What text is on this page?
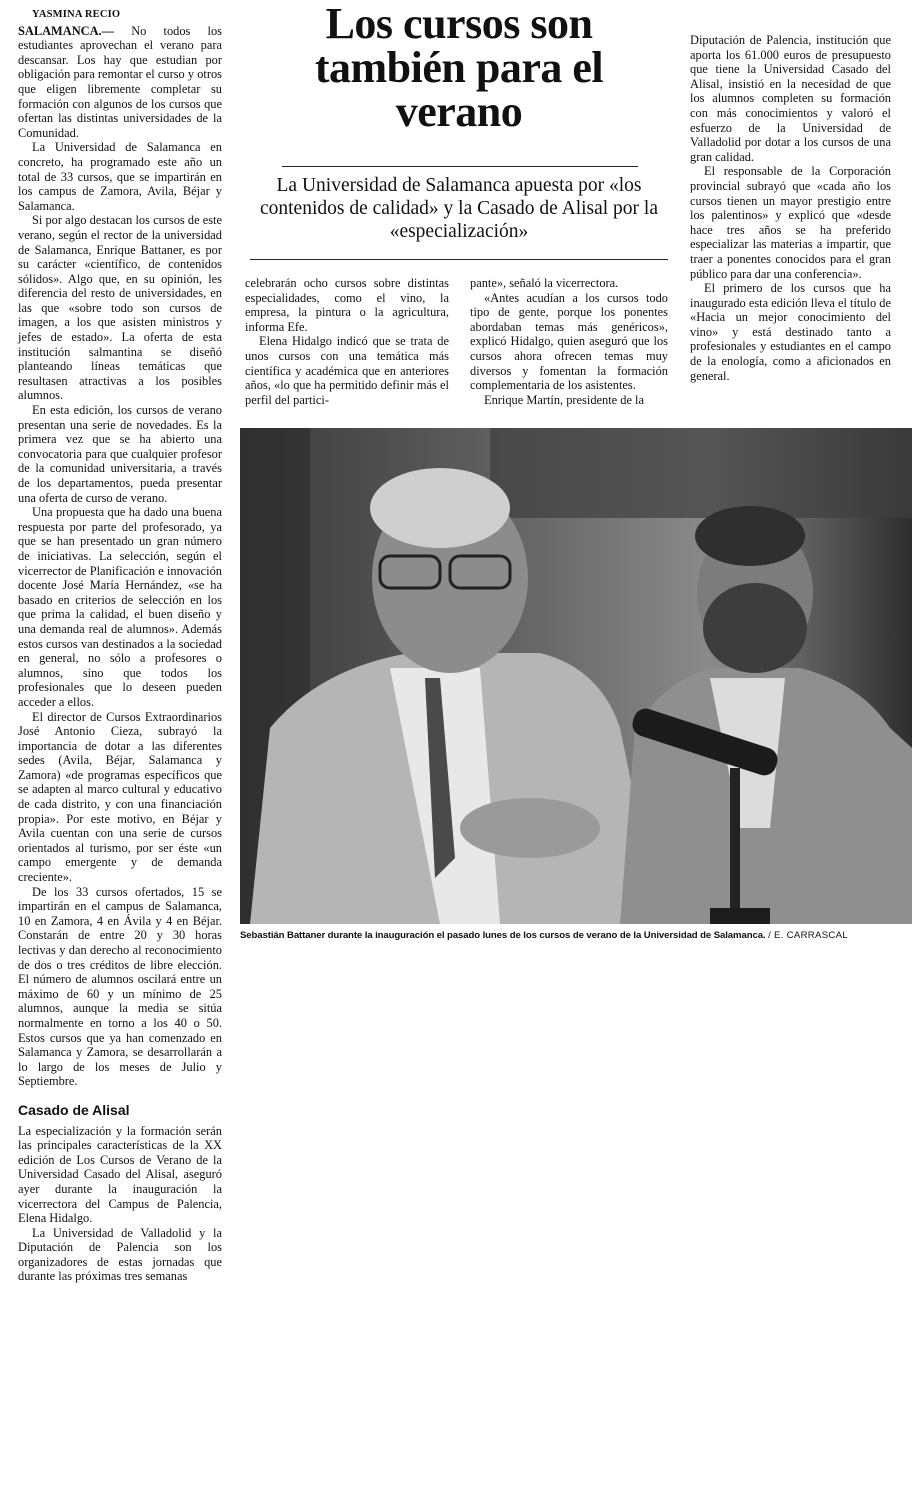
YASMINA RECIO

SALAMANCA.— No todos los estudiantes aprovechan el verano para descansar. Los hay que estudian por obligación para remontar el curso y otros que eligen libremente completar su formación con algunos de los cursos que ofertan las distintas universidades de la Comunidad.

La Universidad de Salamanca en concreto, ha programado este año un total de 33 cursos, que se impartirán en los campus de Zamora, Avila, Béjar y Salamanca.

Si por algo destacan los cursos de este verano, según el rector de la universidad de Salamanca, Enrique Battaner, es por su carácter «científico, de contenidos sólidos». Algo que, en su opinión, les diferencia del resto de universidades, en las que «sobre todo son cursos de imagen, a los que asisten ministros y jefes de estado». La oferta de esta institución salmantina se diseñó planteando líneas temáticas que resultasen atractivas a los posibles alumnos.

En esta edición, los cursos de verano presentan una serie de novedades. Es la primera vez que se ha abierto una convocatoria para que cualquier profesor de la comunidad universitaria, a través de los departamentos, pueda presentar una oferta de curso de verano.

Una propuesta que ha dado una buena respuesta por parte del profesorado, ya que se han presentado un gran número de iniciativas. La selección, según el vicerrector de Planificación e innovación docente José María Hernández, «se ha basado en criterios de selección en los que prima la calidad, el buen diseño y una demanda real de alumnos». Además estos cursos van destinados a la sociedad en general, no sólo a profesores o alumnos, sino que todos los profesionales que lo deseen pueden acceder a ellos.

El director de Cursos Extraordinarios José Antonio Cieza, subrayó la importancia de dotar a las diferentes sedes (Avila, Béjar, Salamanca y Zamora) «de programas específicos que se adapten al marco cultural y educativo de cada distrito, y con una financiación propia». Por este motivo, en Béjar y Avila cuentan con una serie de cursos orientados al turismo, por ser éste «un campo emergente y de demanda creciente».

De los 33 cursos ofertados, 15 se impartirán en el campus de Salamanca, 10 en Zamora, 4 en Ávila y 4 en Béjar. Constarán de entre 20 y 30 horas lectivas y dan derecho al reconocimiento de dos o tres créditos de libre elección. El número de alumnos oscilará entre un máximo de 60 y un mínimo de 25 alumnos, aunque la media se sitúa normalmente en torno a los 40 o 50. Estos cursos que ya han comenzado en Salamanca y Zamora, se desarrollarán a lo largo de los meses de Julio y Septiembre.

Casado de Alisal

La especialización y la formación serán las principales características de la XX edición de Los Cursos de Verano de la Universidad Casado del Alisal, aseguró ayer durante la inauguración la vicerrectora del Campus de Palencia, Elena Hidalgo.

La Universidad de Valladolid y la Diputación de Palencia son los organizadores de estas jornadas que durante las próximas tres semanas

Los cursos son también para el verano
La Universidad de Salamanca apuesta por «los contenidos de calidad» y la Casado de Alisal por la «especialización»

celebrarán ocho cursos sobre distintas especialidades, como el vino, la empresa, la pintura o la agricultura, informa Efe.

Elena Hidalgo indicó que se trata de unos cursos con una temática más científica y académica que en anteriores años, «lo que ha permitido definir más el perfil del partici-

pante», señaló la vicerrectora.

«Antes acudían a los cursos todo tipo de gente, porque los ponentes abordaban temas más genéricos», explicó Hidalgo, quien aseguró que los cursos ahora ofrecen temas muy diversos y fomentan la formación complementaria de los asistentes.

Enrique Martín, presidente de la

Diputación de Palencia, institución que aporta los 61.000 euros de presupuesto que tiene la Universidad Casado del Alisal, insistió en la necesidad de que los alumnos completen su formación con más conocimientos y valoró el esfuerzo de la Universidad de Valladolid por dotar a los cursos de una gran calidad.

El responsable de la Corporación provincial subrayó que «cada año los cursos tienen un mayor prestigio entre los palentinos» y explicó que «desde hace tres años se ha preferido especializar las materias a impartir, que traer a ponentes conocidos para el gran público para dar una conferencia».

El primero de los cursos que ha inaugurado esta edición lleva el título de «Hacia un mejor conocimiento del vino» y está destinado tanto a profesionales y estudiantes en el campo de la enología, como a aficionados en general.

Sebastián Battaner durante la inauguración el pasado lunes de los cursos de verano de la Universidad de Salamanca. / E. CARRASCAL
